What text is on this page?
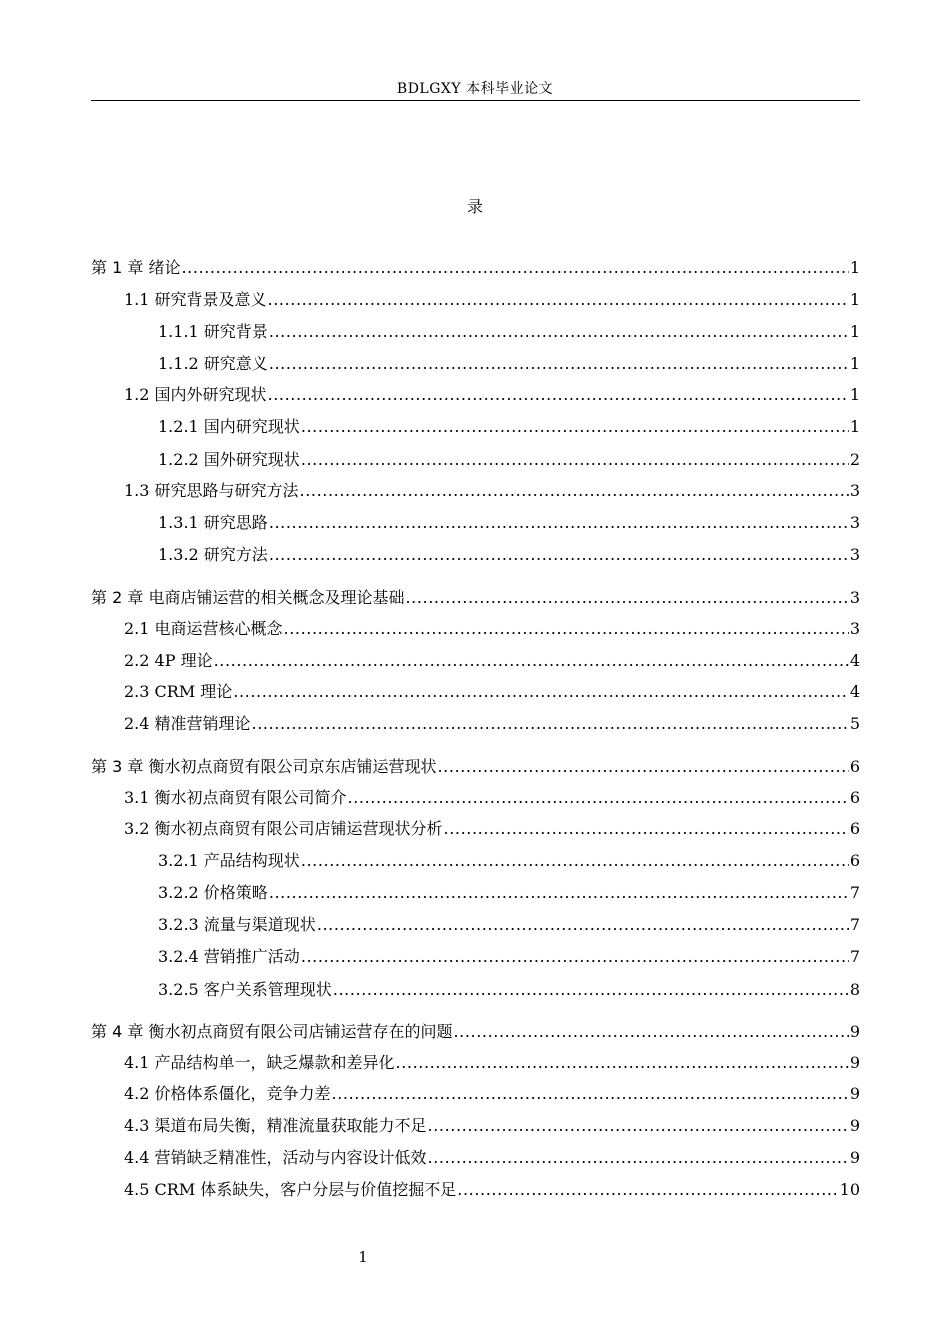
BDLGXY 本科毕业论文
录
第 1 章 绪论 .....	1
1.1 研究背景及意义 .....	1
1.1.1 研究背景 .....	1
1.1.2 研究意义 .....	1
1.2 国内外研究现状 .....	1
1.2.1 国内研究现状 .....	1
1.2.2 国外研究现状 .....	2
1.3 研究思路与研究方法 .....	3
1.3.1 研究思路 .....	3
1.3.2 研究方法 .....	3
第 2 章 电商店铺运营的相关概念及理论基础 .....	3
2.1 电商运营核心概念 .....	3
2.2 4P 理论 .....	4
2.3 CRM 理论 .....	4
2.4 精准营销理论 .....	5
第 3 章 衡水初点商贸有限公司京东店铺运营现状 .....	6
3.1 衡水初点商贸有限公司简介 .....	6
3.2 衡水初点商贸有限公司店铺运营现状分析 .....	6
3.2.1 产品结构现状 .....	6
3.2.2 价格策略 .....	7
3.2.3 流量与渠道现状 .....	7
3.2.4 营销推广活动 .....	7
3.2.5 客户关系管理现状 .....	8
第 4 章 衡水初点商贸有限公司店铺运营存在的问题 .....	9
4.1 产品结构单一，缺乏爆款和差异化 .....	9
4.2 价格体系僵化，竞争力差 .....	9
4.3 渠道布局失衡，精准流量获取能力不足 .....	9
4.4 营销缺乏精准性，活动与内容设计低效 .....	9
4.5 CRM 体系缺失，客户分层与价值挖掘不足 .....	10
1
